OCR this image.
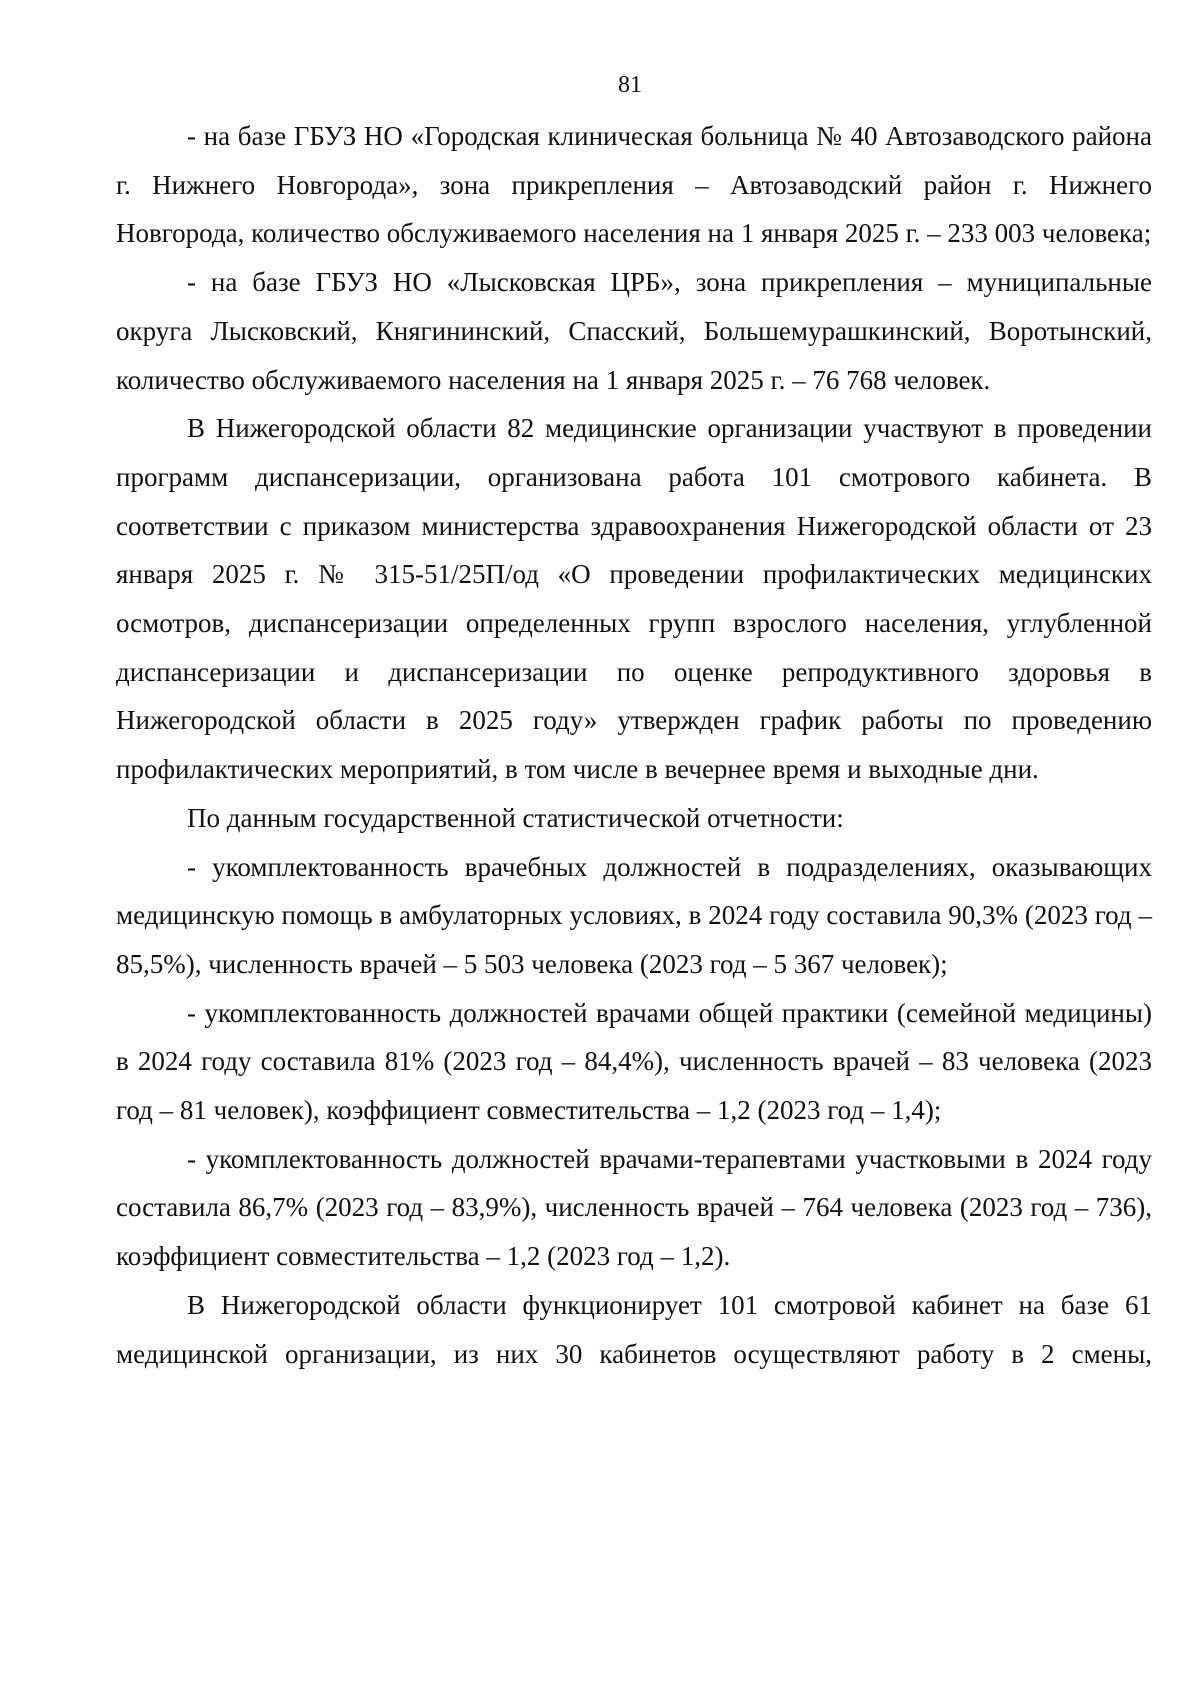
81

- на базе ГБУЗ НО «Городская клиническая больница № 40 Автозаводского района г. Нижнего Новгорода», зона прикрепления – Автозаводский район г. Нижнего Новгорода, количество обслуживаемого населения на 1 января 2025 г. – 233 003 человека;

- на базе ГБУЗ НО «Лысковская ЦРБ», зона прикрепления – муниципальные округа Лысковский, Княгининский, Спасский, Большемурашкинский, Воротынский, количество обслуживаемого населения на 1 января 2025 г. – 76 768 человек.

В Нижегородской области 82 медицинские организации участвуют в проведении программ диспансеризации, организована работа 101 смотрового кабинета. В соответствии с приказом министерства здравоохранения Нижегородской области от 23 января 2025 г. № 315-51/25П/од «О проведении профилактических медицинских осмотров, диспансеризации определенных групп взрослого населения, углубленной диспансеризации и диспансеризации по оценке репродуктивного здоровья в Нижегородской области в 2025 году» утвержден график работы по проведению профилактических мероприятий, в том числе в вечернее время и выходные дни.

По данным государственной статистической отчетности:

- укомплектованность врачебных должностей в подразделениях, оказывающих медицинскую помощь в амбулаторных условиях, в 2024 году составила 90,3% (2023 год – 85,5%), численность врачей – 5 503 человека (2023 год – 5 367 человек);

- укомплектованность должностей врачами общей практики (семейной медицины) в 2024 году составила 81% (2023 год – 84,4%), численность врачей – 83 человека (2023 год – 81 человек), коэффициент совместительства – 1,2 (2023 год – 1,4);

- укомплектованность должностей врачами-терапевтами участковыми в 2024 году составила 86,7% (2023 год – 83,9%), численность врачей – 764 человека (2023 год – 736), коэффициент совместительства – 1,2 (2023 год – 1,2).

В Нижегородской области функционирует 101 смотровой кабинет на базе 61 медицинской организации, из них 30 кабинетов осуществляют работу в 2 смены,
